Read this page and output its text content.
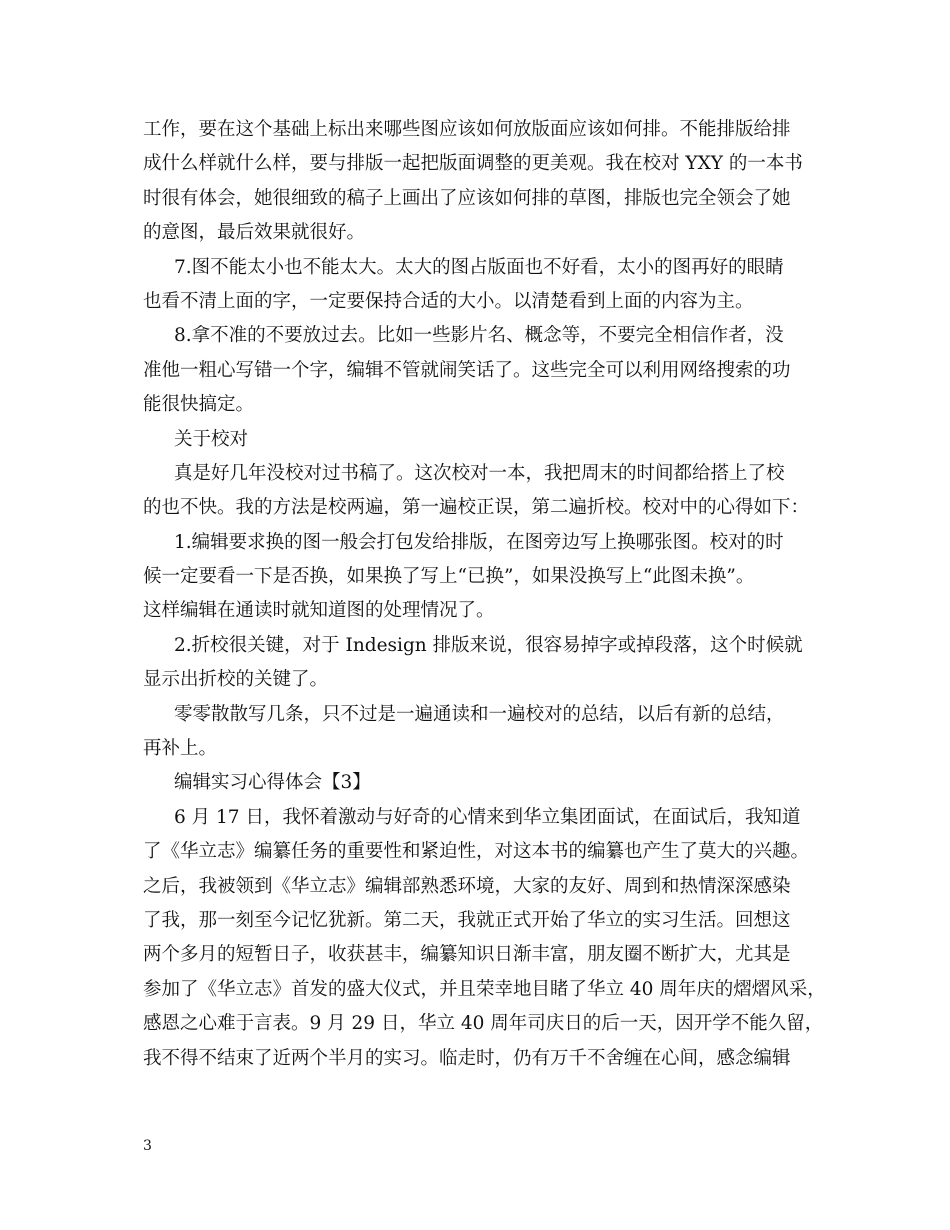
工作，要在这个基础上标出来哪些图应该如何放版面应该如何排。不能排版给排
成什么样就什么样，要与排版一起把版面调整的更美观。我在校对 YXY 的一本书
时很有体会，她很细致的稿子上画出了应该如何排的草图，排版也完全领会了她
的意图，最后效果就很好。
7.图不能太小也不能太大。太大的图占版面也不好看，太小的图再好的眼睛
也看不清上面的字，一定要保持合适的大小。以清楚看到上面的内容为主。
8.拿不准的不要放过去。比如一些影片名、概念等，不要完全相信作者，没
准他一粗心写错一个字，编辑不管就闹笑话了。这些完全可以利用网络搜索的功
能很快搞定。
关于校对
真是好几年没校对过书稿了。这次校对一本，我把周末的时间都给搭上了校
的也不快。我的方法是校两遍，第一遍校正误，第二遍折校。校对中的心得如下：
1.编辑要求换的图一般会打包发给排版，在图旁边写上换哪张图。校对的时
候一定要看一下是否换，如果换了写上“已换”，如果没换写上“此图未换”。
这样编辑在通读时就知道图的处理情况了。
2.折校很关键，对于 Indesign 排版来说，很容易掉字或掉段落，这个时候就
显示出折校的关键了。
零零散散写几条，只不过是一遍通读和一遍校对的总结，以后有新的总结，
再补上。
编辑实习心得体会【3】
6 月 17 日，我怀着激动与好奇的心情来到华立集团面试，在面试后，我知道
了《华立志》编纂任务的重要性和紧迫性，对这本书的编纂也产生了莫大的兴趣。
之后，我被领到《华立志》编辑部熟悉环境，大家的友好、周到和热情深深感染
了我，那一刻至今记忆犹新。第二天，我就正式开始了华立的实习生活。回想这
两个多月的短暂日子，收获甚丰，编纂知识日渐丰富，朋友圈不断扩大，尤其是
参加了《华立志》首发的盛大仪式，并且荣幸地目睹了华立 40 周年庆的熠熠风采，
感恩之心难于言表。9 月 29 日，华立 40 周年司庆日的后一天，因开学不能久留，
我不得不结束了近两个半月的实习。临走时，仍有万千不舍缠在心间，感念编辑
3
